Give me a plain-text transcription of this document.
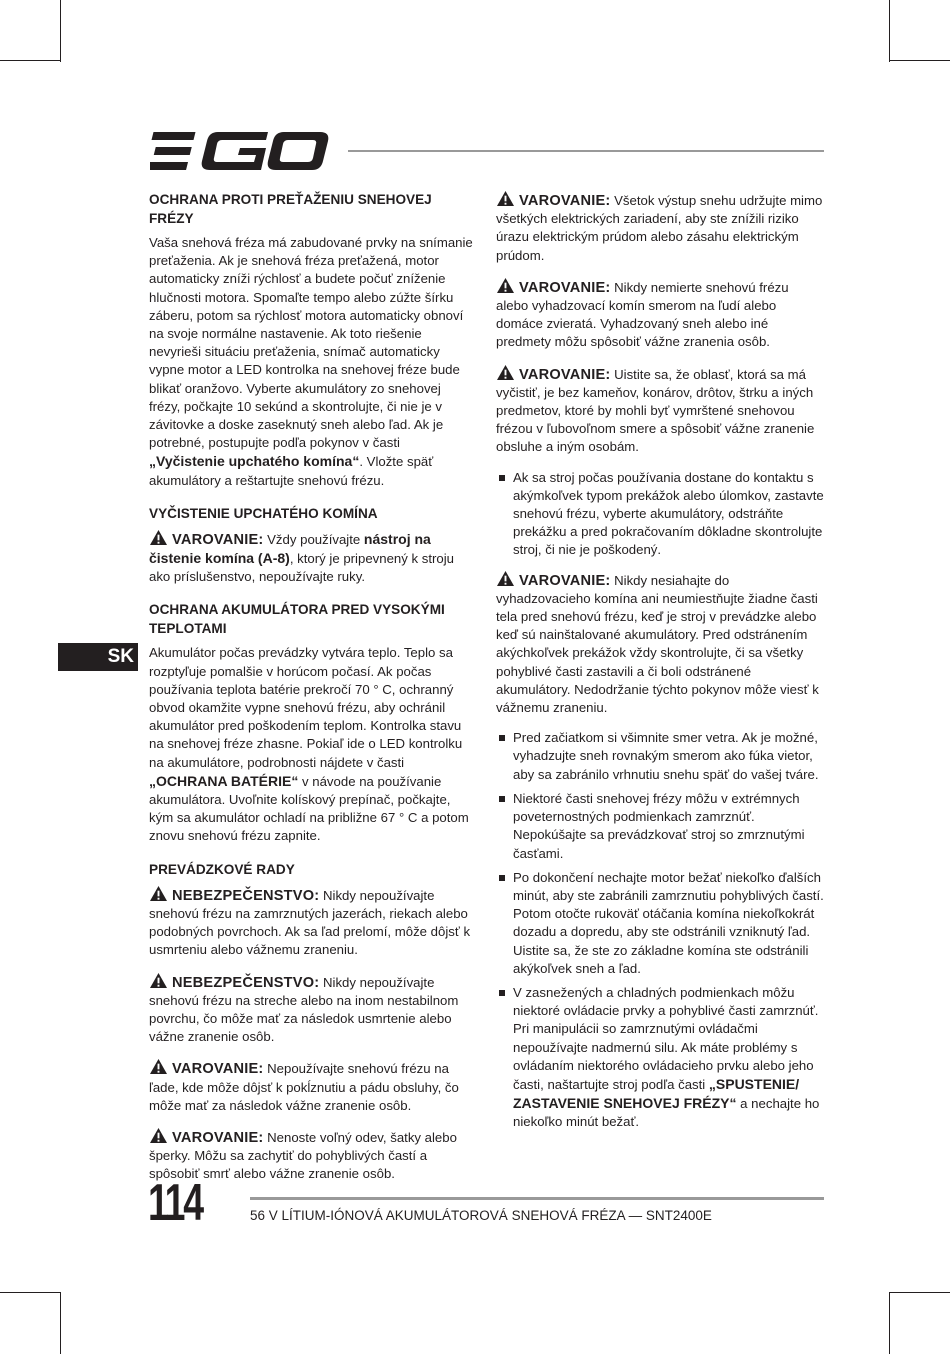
SK
OCHRANA PROTI PREŤAŽENIU SNEHOVEJ FRÉZY

Vaša snehová fréza má zabudované prvky na snímanie preťaženia. Ak je snehová fréza preťažená, motor automaticky zníži rýchlosť a budete počuť zníženie hlučnosti motora. Spomaľte tempo alebo zúžte šírku záberu, potom sa rýchlosť motora automaticky obnoví na svoje normálne nastavenie. Ak toto riešenie nevyrieši situáciu preťaženia, snímač automaticky vypne motor a LED kontrolka na snehovej fréze bude blikať oranžovo. Vyberte akumulátory zo snehovej frézy, počkajte 10 sekúnd a skontrolujte, či nie je v závitovke a doske zaseknutý sneh alebo ľad. Ak je potrebné, postupujte podľa pokynov v časti „Vyčistenie upchatého komína“. Vložte späť akumulátory a reštartujte snehovú frézu.

VYČISTENIE UPCHATÉHO KOMÍNA

VAROVANIE: Vždy používajte nástroj na čistenie komína (A-8), ktorý je pripevnený k stroju ako príslušenstvo, nepoužívajte ruky.

OCHRANA AKUMULÁTORA PRED VYSOKÝMI TEPLOTAMI

Akumulátor počas prevádzky vytvára teplo. Teplo sa rozptyľuje pomalšie v horúcom počasí. Ak počas používania teplota batérie prekročí 70 ° C, ochranný obvod okamžite vypne snehovú frézu, aby ochránil akumulátor pred poškodením teplom. Kontrolka stavu na snehovej fréze zhasne. Pokiaľ ide o LED kontrolku na akumulátore, podrobnosti nájdete v časti „OCHRANA BATÉRIE“ v návode na používanie akumulátora. Uvoľnite kolískový prepínač, počkajte, kým sa akumulátor ochladí na približne 67 ° C a potom znovu snehovú frézu zapnite.

PREVÁDZKOVÉ RADY

NEBEZPEČENSTVO: Nikdy nepoužívajte snehovú frézu na zamrznutých jazerách, riekach alebo podobných povrchoch. Ak sa ľad prelomí, môže dôjsť k usmrteniu alebo vážnemu zraneniu.

NEBEZPEČENSTVO: Nikdy nepoužívajte snehovú frézu na streche alebo na inom nestabilnom povrchu, čo môže mať za následok usmrtenie alebo vážne zranenie osôb.

VAROVANIE: Nepoužívajte snehovú frézu na ľade, kde môže dôjsť k pokĺznutiu a pádu obsluhy, čo môže mať za následok vážne zranenie osôb.

VAROVANIE: Nenoste voľný odev, šatky alebo šperky. Môžu sa zachytiť do pohyblivých častí a spôsobiť smrť alebo vážne zranenie osôb.

VAROVANIE: Všetok výstup snehu udržujte mimo všetkých elektrických zariadení, aby ste znížili riziko úrazu elektrickým prúdom alebo zásahu elektrickým prúdom.

VAROVANIE: Nikdy nemierte snehovú frézu alebo vyhadzovací komín smerom na ľudí alebo domáce zvieratá. Vyhadzovaný sneh alebo iné predmety môžu spôsobiť vážne zranenia osôb.

VAROVANIE: Uistite sa, že oblasť, ktorá sa má vyčistiť, je bez kameňov, konárov, drôtov, štrku a iných predmetov, ktoré by mohli byť vymrštené snehovou frézou v ľubovoľnom smere a spôsobiť vážne zranenie obsluhe a iným osobám.

Ak sa stroj počas používania dostane do kontaktu s akýmkoľvek typom prekážok alebo úlomkov, zastavte snehovú frézu, vyberte akumulátory, odstráňte prekážku a pred pokračovaním dôkladne skontrolujte stroj, či nie je poškodený.

VAROVANIE: Nikdy nesiahajte do vyhadzovacieho komína ani neumiestňujte žiadne časti tela pred snehovú frézu, keď je stroj v prevádzke alebo keď sú nainštalované akumulátory. Pred odstránením akýchkoľvek prekážok vždy skontrolujte, či sa všetky pohyblivé časti zastavili a či boli odstránené akumulátory. Nedodržanie týchto pokynov môže viesť k vážnemu zraneniu.

Pred začiatkom si všimnite smer vetra. Ak je možné, vyhadzujte sneh rovnakým smerom ako fúka vietor, aby sa zabránilo vrhnutiu snehu späť do vašej tváre.
Niektoré časti snehovej frézy môžu v extrémnych poveternostných podmienkach zamrznúť. Nepokúšajte sa prevádzkovať stroj so zmrznutými časťami.
Po dokončení nechajte motor bežať niekoľko ďalších minút, aby ste zabránili zamrznutiu pohyblivých častí. Potom otočte rukoväť otáčania komína niekoľkokrát dozadu a dopredu, aby ste odstránili vzniknutý ľad. Uistite sa, že ste zo základne komína ste odstránili akýkoľvek sneh a ľad.
V zasnežených a chladných podmienkach môžu niektoré ovládacie prvky a pohyblivé časti zamrznúť. Pri manipulácii so zamrznutými ovládačmi nepoužívajte nadmernú silu. Ak máte problémy s ovládaním niektorého ovládacieho prvku alebo jeho časti, naštartujte stroj podľa časti „SPUSTENIE/ ZASTAVENIE SNEHOVEJ FRÉZY“ a nechajte ho niekoľko minút bežať.
114	56 V LÍTIUM-IÓNOVÁ AKUMULÁTOROVÁ SNEHOVÁ FRÉZA — SNT2400E
